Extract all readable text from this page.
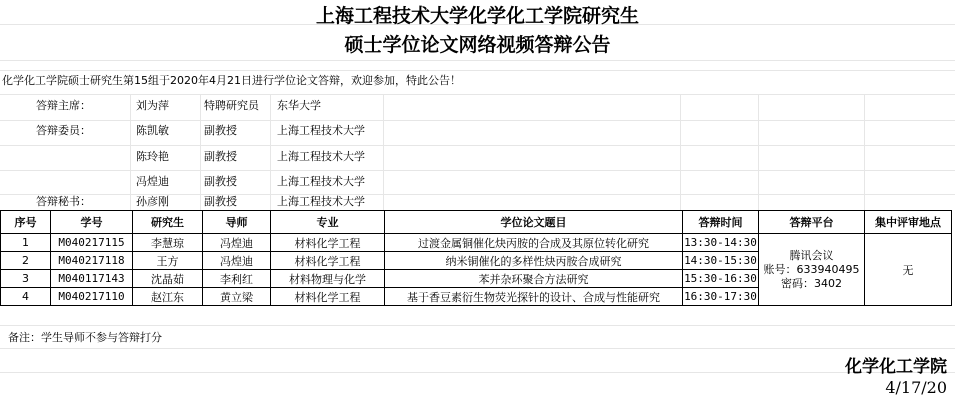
上海工程技术大学化学化工学院研究生
硕士学位论文网络视频答辩公告
化学化工学院硕士研究生第15组于2020年4月21日进行学位论文答辩，欢迎参加，特此公告！
答辩主席：	刘为萍	特聘研究员 东华大学
答辩委员：	陈凯敏	副教授	上海工程技术大学
陈玲艳	副教授	上海工程技术大学
冯煌迪	副教授	上海工程技术大学
答辩秘书：	孙彦刚	副教授	上海工程技术大学
序号	学号	研究生	导师	专业	学位论文题目	答辩时间	答辩平台	集中评审地点
1	M040217115	李慧琼	冯煌迪	材料化学工程	过渡金属铜催化炔丙胺的合成及其原位转化研究	13:30-14:30	腾讯会议
账号：633940495
密码：3402	无
2	M040217118	王方	冯煌迪	材料化学工程	纳米铜催化的多样性炔丙胺合成研究	14:30-15:30		
3	M040117143	沈晶茹	李利红	材料物理与化学	苯并杂环聚合方法研究	15:30-16:30		
4	M040217110	赵江东	黄立梁	材料化学工程	基于香豆素衍生物荧光探针的设计、合成与性能研究	16:30-17:30		
备注：学生导师不参与答辩打分
化学化工学院
4/17/20
